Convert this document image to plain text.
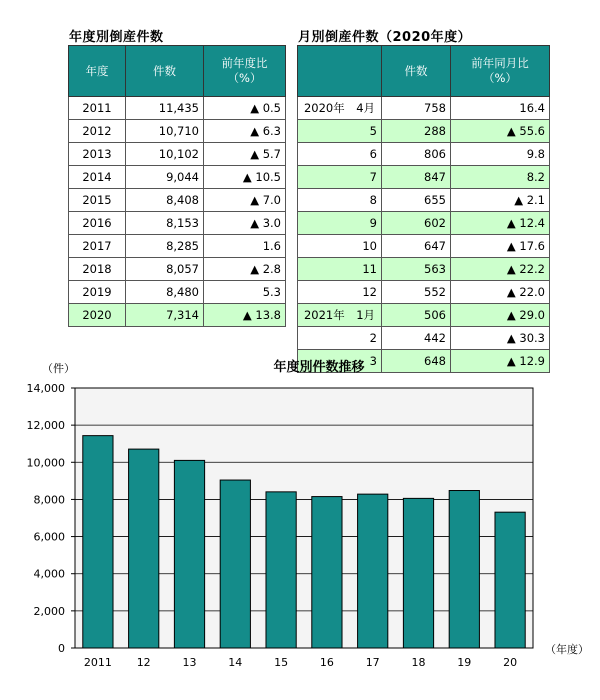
年度別倒産件数
年度	件数	前年度比
（%）
2011	11,435	▲ 0.5
2012	10,710	▲ 6.3
2013	10,102	▲ 5.7
2014	9,044	▲ 10.5
2015	8,408	▲ 7.0
2016	8,153	▲ 3.0
2017	8,285	1.6
2018	8,057	▲ 2.8
2019	8,480	5.3
2020	7,314	▲ 13.8
月別倒産件数（2020年度）
	件数	前年同月比
（%）
2020年　4月	758	16.4
5	288	▲ 55.6
6	806	9.8
7	847	8.2
8	655	▲ 2.1
9	602	▲ 12.4
10	647	▲ 17.6
11	563	▲ 22.2
12	552	▲ 22.0
2021年　1月	506	▲ 29.0
2	442	▲ 30.3
3	648	▲ 12.9
0
2,000
4,000
6,000
8,000
10,000
12,000
14,000
2011 12	13	14	15	16	17	18	19	20
（件）
（年度）
年度別件数推移
